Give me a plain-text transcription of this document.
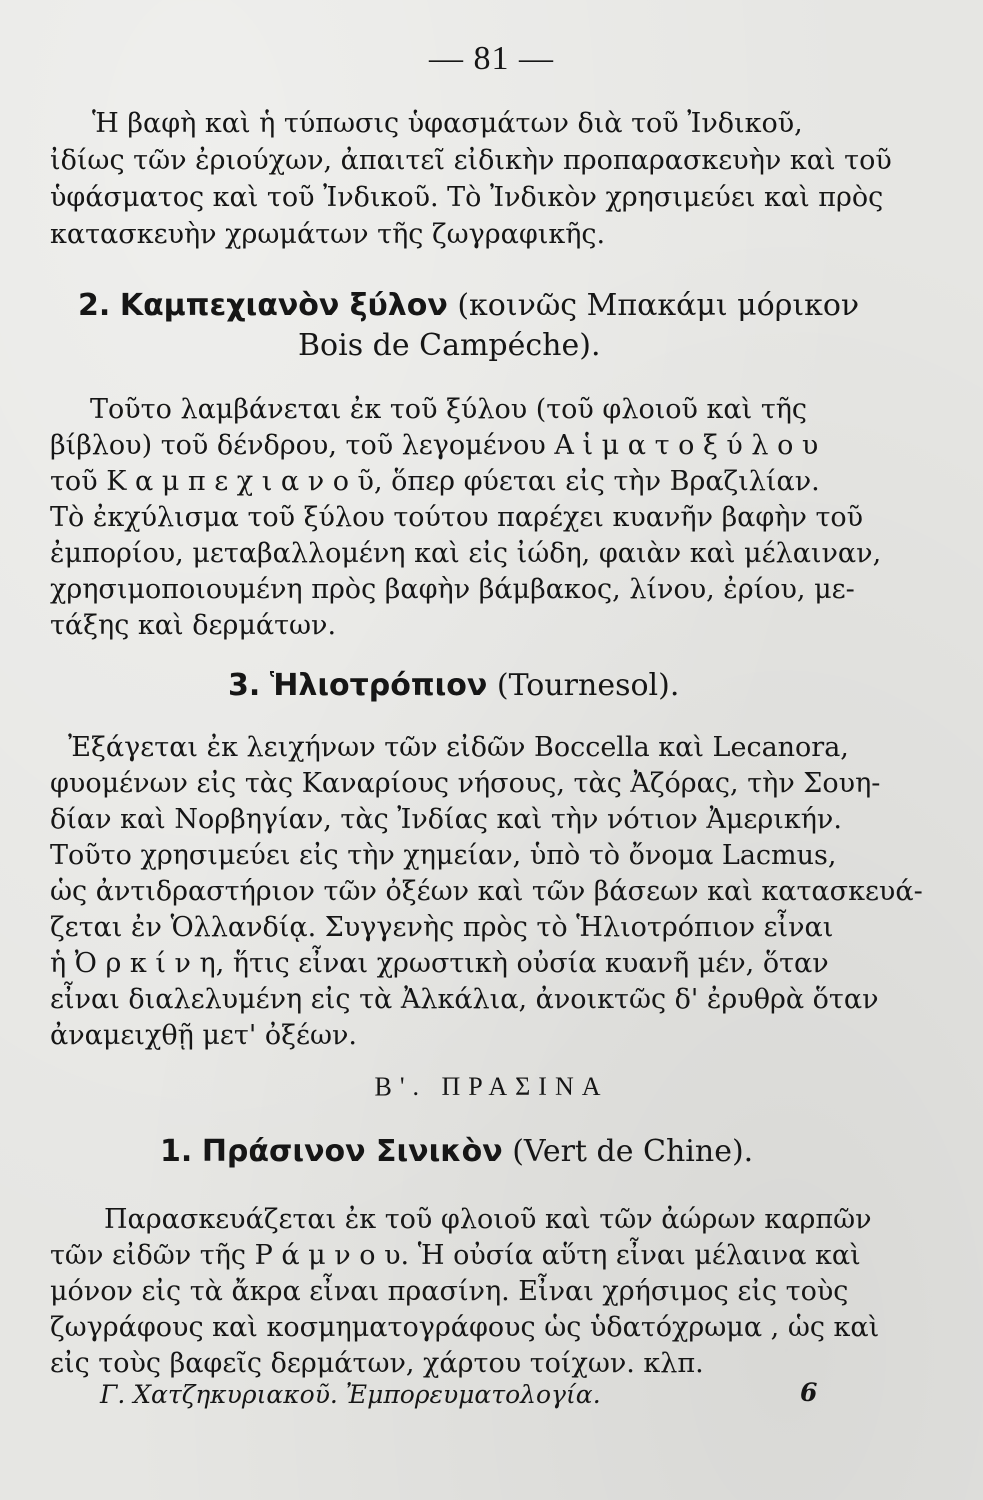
— 81 —
Ἡ βαφὴ καὶ ἡ τύπωσις ὑφασμάτων διὰ τοῦ Ἰνδικοῦ,
ἰδίως τῶν ἐριούχων, ἀπαιτεῖ εἰδικὴν προπαρασκευὴν καὶ τοῦ
ὑφάσματος καὶ τοῦ Ἰνδικοῦ. Τὸ Ἰνδικὸν χρησιμεύει καὶ πρὸς
κατασκευὴν χρωμάτων τῆς ζωγραφικῆς.
2. Καμπεχιανὸν ξύλον (κοινῶς Μπακάμι μόρικον
Bois de Campéche).
Τοῦτο λαμβάνεται ἐκ τοῦ ξύλου (τοῦ φλοιοῦ καὶ τῆς
βίβλου) τοῦ δένδρου, τοῦ λεγομένου Α ἱ μ α τ ο ξ ύ λ ο υ
τοῦ Κ α μ π ε χ ι α ν ο ῦ, ὅπερ φύεται εἰς τὴν Βραζιλίαν.
Τὸ ἐκχύλισμα τοῦ ξύλου τούτου παρέχει κυανῆν βαφὴν τοῦ
ἐμπορίου, μεταβαλλομένη καὶ εἰς ἰώδη, φαιὰν καὶ μέλαιναν,
χρησιμοποιουμένη πρὸς βαφὴν βάμβακος, λίνου, ἐρίου, με-
τάξης καὶ δερμάτων.
3. Ἡλιοτρόπιον (Tournesol).
Ἐξάγεται ἐκ λειχήνων τῶν εἰδῶν Boccella καὶ Lecanora,
φυομένων εἰς τὰς Καναρίους νήσους, τὰς Ἀζόρας, τὴν Σουη-
δίαν καὶ Νορβηγίαν, τὰς Ἰνδίας καὶ τὴν νότιον Ἀμερικήν.
Τοῦτο χρησιμεύει εἰς τὴν χημείαν, ὑπὸ τὸ ὄνομα Lacmus,
ὡς ἀντιδραστήριον τῶν ὀξέων καὶ τῶν βάσεων καὶ κατασκευά-
ζεται ἐν Ὁλλανδίᾳ. Συγγενὴς πρὸς τὸ Ἡλιοτρόπιον εἶναι
ἡ Ὀ ρ κ ί ν η, ἥτις εἶναι χρωστικὴ οὐσία κυανῆ μέν, ὅταν
εἶναι διαλελυμένη εἰς τὰ Ἀλκάλια, ἀνοικτῶς δ' ἐρυθρὰ ὅταν
ἀναμειχθῇ μετ' ὀξέων.
Β'. ΠΡΑΣΙΝΑ
1. Πράσινον Σινικὸν (Vert de Chine).
Παρασκευάζεται ἐκ τοῦ φλοιοῦ καὶ τῶν ἀώρων καρπῶν
τῶν εἰδῶν τῆς Ρ ά μ ν ο υ. Ἡ οὐσία αὕτη εἶναι μέλαινα καὶ
μόνον εἰς τὰ ἄκρα εἶναι πρασίνη. Εἶναι χρήσιμος εἰς τοὺς
ζωγράφους καὶ κοσμηματογράφους ὡς ὑδατόχρωμα , ὡς καὶ
εἰς τοὺς βαφεῖς δερμάτων, χάρτου τοίχων. κλπ.
Γ. Χατζηκυριακοῦ. Ἐμπορευματολογία.	6
